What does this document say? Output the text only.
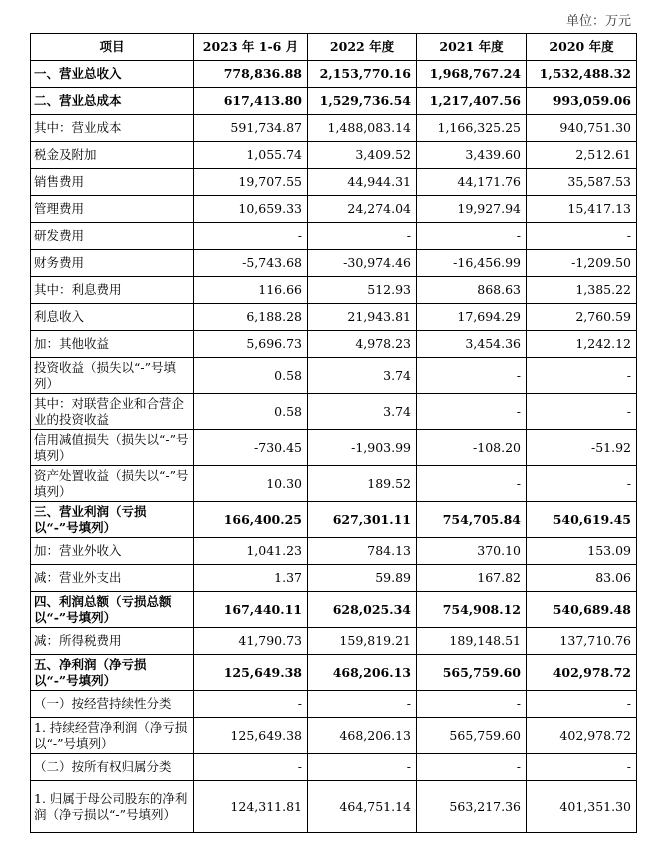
单位：万元
项目	2023 年 1-6 月	2022 年度	2021 年度	2020 年度
一、营业总收入	778,836.88	2,153,770.16	1,968,767.24	1,532,488.32
二、营业总成本	617,413.80	1,529,736.54	1,217,407.56	993,059.06
其中：营业成本	591,734.87	1,488,083.14	1,166,325.25	940,751.30
税金及附加	1,055.74	3,409.52	3,439.60	2,512.61
销售费用	19,707.55	44,944.31	44,171.76	35,587.53
管理费用	10,659.33	24,274.04	19,927.94	15,417.13
研发费用	-	-	-	-
财务费用	-5,743.68	-30,974.46	-16,456.99	-1,209.50
其中：利息费用	116.66	512.93	868.63	1,385.22
利息收入	6,188.28	21,943.81	17,694.29	2,760.59
加：其他收益	5,696.73	4,978.23	3,454.36	1,242.12
投资收益（损失以“-”号填列）	0.58	3.74	-	-
其中：对联营企业和合营企业的投资收益	0.58	3.74	-	-
信用减值损失（损失以“-”号填列）	-730.45	-1,903.99	-108.20	-51.92
资产处置收益（损失以“-”号填列）	10.30	189.52	-	-
三、营业利润（亏损以“-”号填列）	166,400.25	627,301.11	754,705.84	540,619.45
加：营业外收入	1,041.23	784.13	370.10	153.09
减：营业外支出	1.37	59.89	167.82	83.06
四、利润总额（亏损总额以“-”号填列）	167,440.11	628,025.34	754,908.12	540,689.48
减：所得税费用	41,790.73	159,819.21	189,148.51	137,710.76
五、净利润（净亏损以“-”号填列）	125,649.38	468,206.13	565,759.60	402,978.72
（一）按经营持续性分类	-	-	-	-
1. 持续经营净利润（净亏损以“-”号填列）	125,649.38	468,206.13	565,759.60	402,978.72
（二）按所有权归属分类	-	-	-	-
1. 归属于母公司股东的净利润（净亏损以“-”号填列）	124,311.81	464,751.14	563,217.36	401,351.30
